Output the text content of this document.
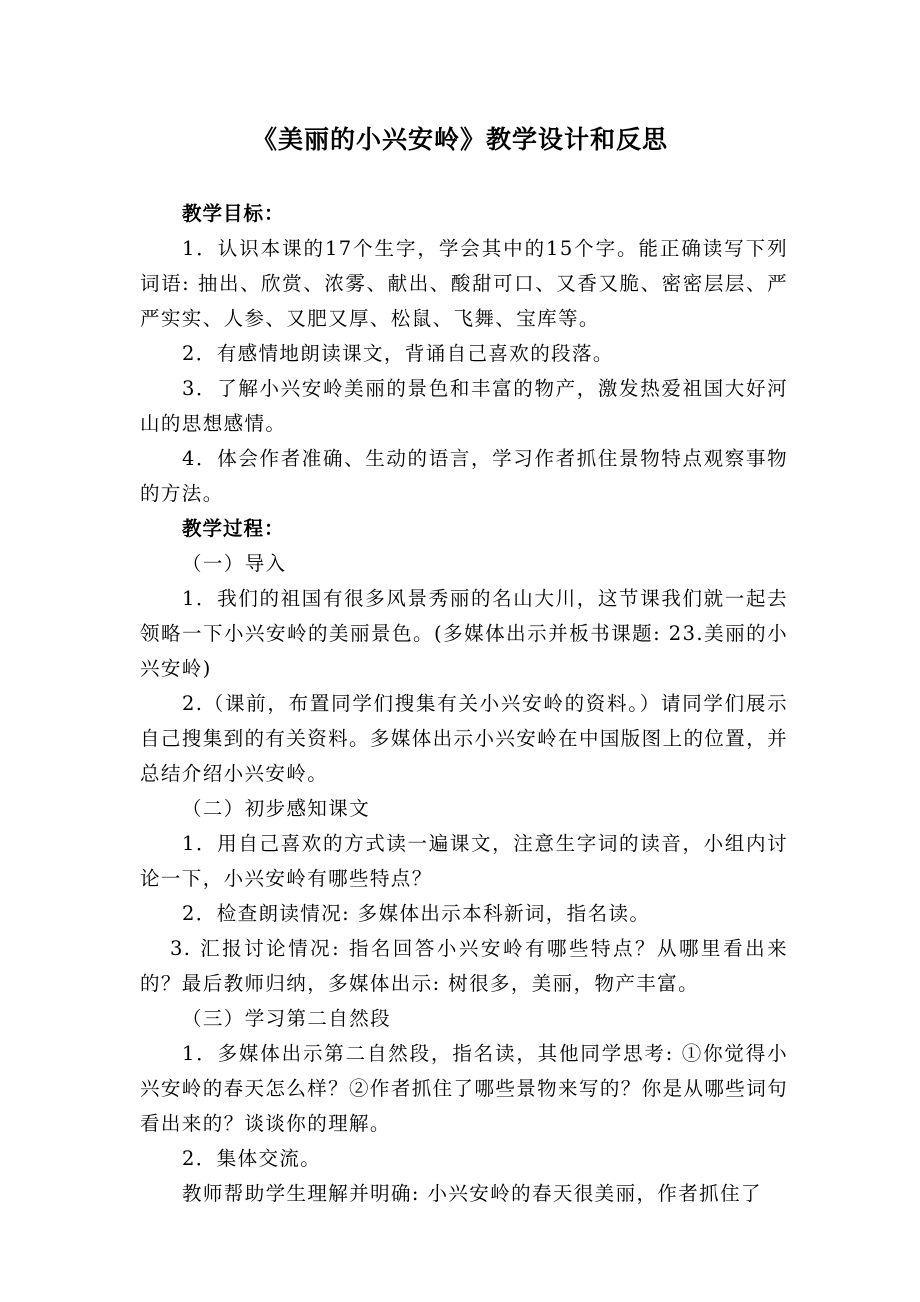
《美丽的小兴安岭》教学设计和反思

教学目标：

1．认识本课的17个生字，学会其中的15个字。能正确读写下列词语: 抽出、欣赏、浓雾、献出、酸甜可口、又香又脆、密密层层、严严实实、人参、又肥又厚、松鼠、飞舞、宝库等。

2．有感情地朗读课文，背诵自己喜欢的段落。

3．了解小兴安岭美丽的景色和丰富的物产，激发热爱祖国大好河山的思想感情。

4．体会作者准确、生动的语言，学习作者抓住景物特点观察事物的方法。

教学过程：

（一）导入

1．我们的祖国有很多风景秀丽的名山大川，这节课我们就一起去领略一下小兴安岭的美丽景色。(多媒体出示并板书课题: 23.美丽的小兴安岭)

2.（课前，布置同学们搜集有关小兴安岭的资料。）请同学们展示自己搜集到的有关资料。多媒体出示小兴安岭在中国版图上的位置，并总结介绍小兴安岭。

（二）初步感知课文

1．用自己喜欢的方式读一遍课文，注意生字词的读音，小组内讨论一下，小兴安岭有哪些特点？

2．检查朗读情况: 多媒体出示本科新词，指名读。

3. 汇报讨论情况: 指名回答小兴安岭有哪些特点？从哪里看出来的？最后教师归纳，多媒体出示: 树很多，美丽，物产丰富。

（三）学习第二自然段

1．多媒体出示第二自然段，指名读，其他同学思考: ①你觉得小兴安岭的春天怎么样？②作者抓住了哪些景物来写的？你是从哪些词句看出来的？谈谈你的理解。

2．集体交流。

教师帮助学生理解并明确: 小兴安岭的春天很美丽，作者抓住了
